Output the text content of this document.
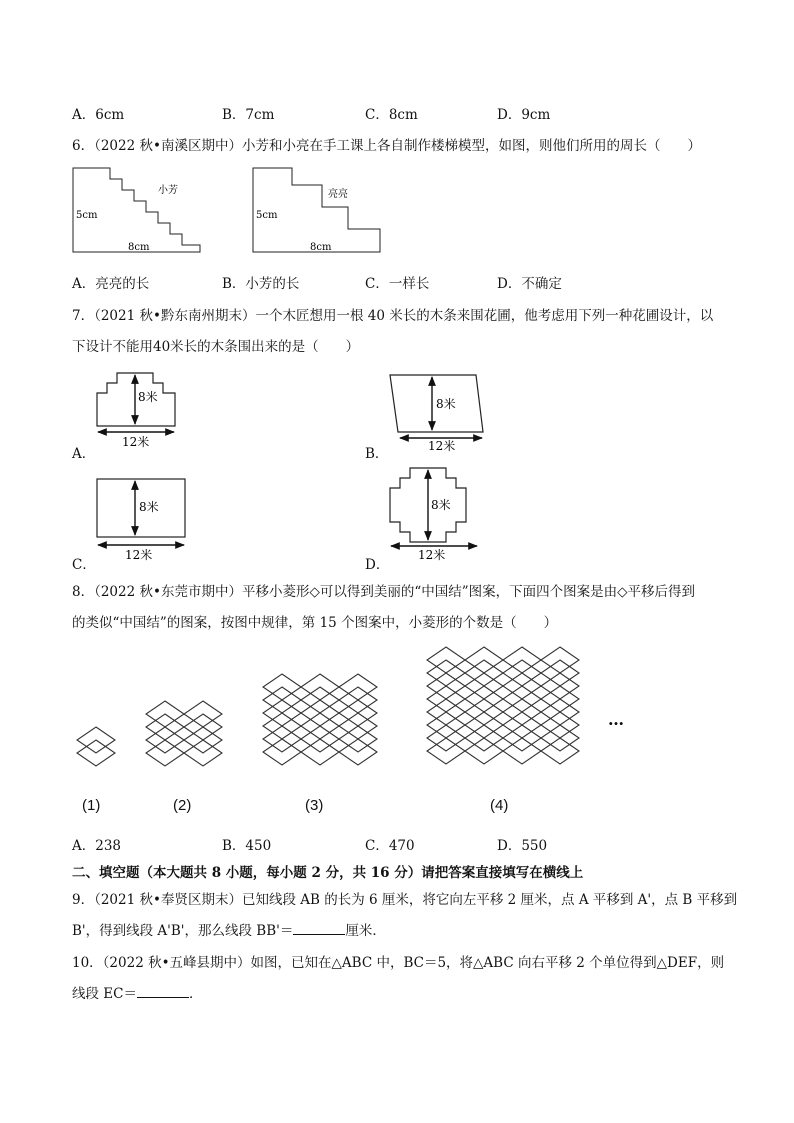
A．6cm	B．7cm	C．8cm	D．9cm
6．（2022 秋•南溪区期中）小芳和小亮在手工课上各自制作楼梯模型，如图，则他们所用的周长（　　）
小芳
5cm
8cm
亮亮
5cm
8cm
A．亮亮的长	B．小芳的长	C．一样长	D．不确定
7．（2021 秋•黔东南州期末）一个木匠想用一根 40 米长的木条来围花圃，他考虑用下列一种花圃设计，以
下设计不能用40米长的木条围出来的是（　　）
A．
8米
12米
B．
8米
12米
C．
8米
12米
D．
8米
12米
8．（2022 秋•东莞市期中）平移小菱形◇可以得到美丽的“中国结”图案，下面四个图案是由◇平移后得到
的类似“中国结”的图案，按图中规律，第 15 个图案中，小菱形的个数是（　　）
…
(1)	(2)	(3)	(4)
A．238	B．450	C．470	D．550
二、填空题（本大题共 8 小题，每小题 2 分，共 16 分）请把答案直接填写在横线上
9．（2021 秋•奉贤区期末）已知线段 AB 的长为 6 厘米，将它向左平移 2 厘米，点 A 平移到 A'，点 B 平移到
B'，得到线段 A'B'，那么线段 BB'＝	厘米．
10．（2022 秋•五峰县期中）如图，已知在△ABC 中，BC＝5，将△ABC 向右平移 2 个单位得到△DEF，则
线段 EC＝	．
